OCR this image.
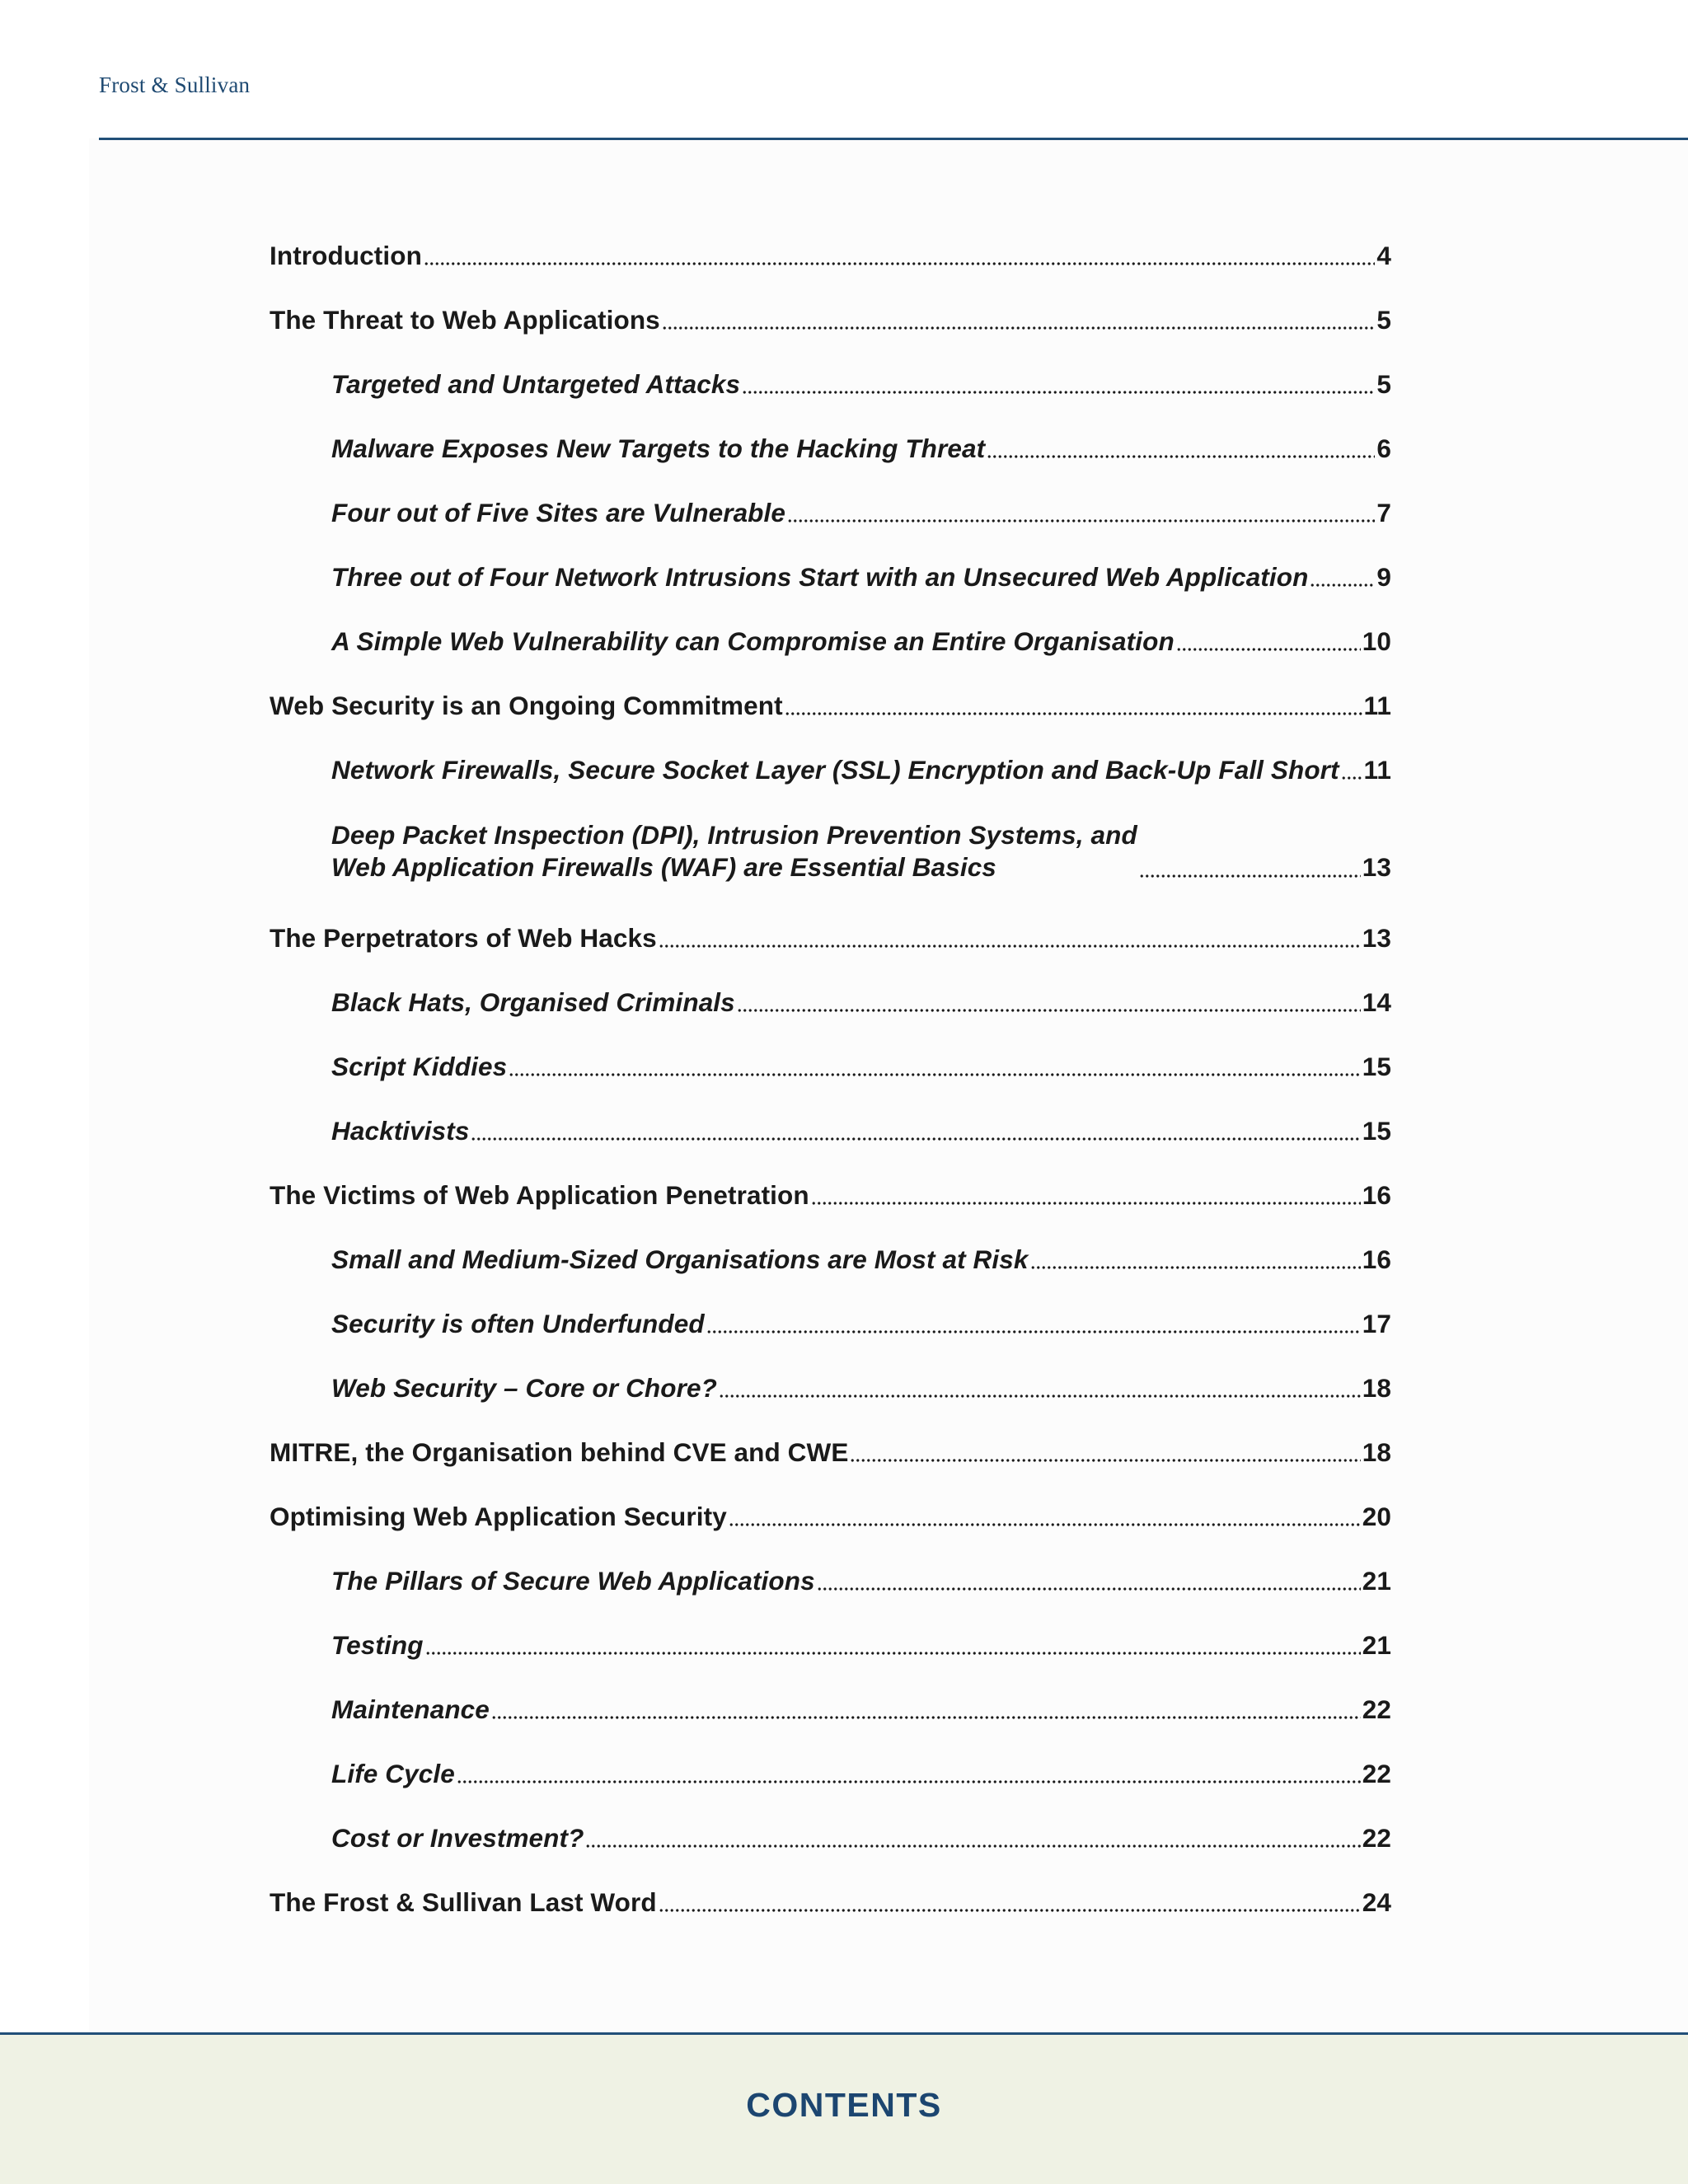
Frost & Sullivan
Introduction	4
The Threat to Web Applications	5
Targeted and Untargeted Attacks	5
Malware Exposes New Targets to the Hacking Threat	6
Four out of Five Sites are Vulnerable	7
Three out of Four Network Intrusions Start with an Unsecured Web Application	9
A Simple Web Vulnerability can Compromise an Entire Organisation	10
Web Security is an Ongoing Commitment	11
Network Firewalls, Secure Socket Layer (SSL) Encryption and Back-Up Fall Short 11
Deep Packet Inspection (DPI), Intrusion Prevention Systems, and
Web Application Firewalls (WAF) are Essential Basics	13
The Perpetrators of Web Hacks	13
Black Hats, Organised Criminals	14
Script Kiddies	15
Hacktivists	15
The Victims of Web Application Penetration	16
Small and Medium-Sized Organisations are Most at Risk	16
Security is often Underfunded	17
Web Security – Core or Chore?	18
MITRE, the Organisation behind CVE and CWE	18
Optimising Web Application Security	20
The Pillars of Secure Web Applications	21
Testing	21
Maintenance	22
Life Cycle	22
Cost or Investment?	22
The Frost & Sullivan Last Word	24
CONTENTS
